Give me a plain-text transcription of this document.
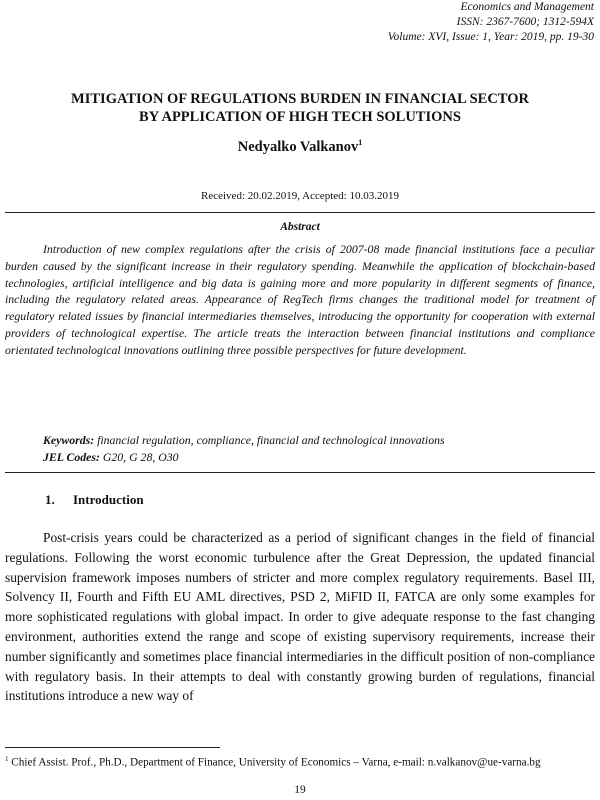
Economics and Management
ISSN: 2367-7600; 1312-594X
Volume: XVI, Issue: 1, Year: 2019, pp. 19-30
MITIGATION OF REGULATIONS BURDEN IN FINANCIAL SECTOR
BY APPLICATION OF HIGH TECH SOLUTIONS
Nedyalko Valkanov$^1$
Received: 20.02.2019, Accepted: 10.03.2019
Abstract

Introduction of new complex regulations after the crisis of 2007-08 made financial institutions face a peculiar burden caused by the significant increase in their regulatory spending. Meanwhile the application of blockchain-based technologies, artificial intelligence and big data is gaining more and more popularity in different segments of finance, including the regulatory related areas. Appearance of RegTech firms changes the traditional model for treatment of regulatory related issues by financial intermediaries themselves, introducing the opportunity for cooperation with external providers of technological expertise. The article treats the interaction between financial institutions and compliance orientated technological innovations outlining three possible perspectives for future development.

Keywords: financial regulation, compliance, financial and technological innovations
JEL Codes: G20, G 28, O30
1. Introduction

Post-crisis years could be characterized as a period of significant changes in the field of financial regulations. Following the worst economic turbulence after the Great Depression, the updated financial supervision framework imposes numbers of stricter and more complex regulatory requirements. Basel III, Solvency II, Fourth and Fifth EU AML directives, PSD 2, MiFID II, FATCA are only some examples for more sophisticated regulations with global impact. In order to give adequate response to the fast changing environment, authorities extend the range and scope of existing supervisory requirements, increase their number significantly and sometimes place financial intermediaries in the difficult position of non-compliance with regulatory basis. In their attempts to deal with constantly growing burden of regulations, financial institutions introduce a new way of

$^1$ Chief Assist. Prof., Ph.D., Department of Finance, University of Economics – Varna, e-mail: n.valkanov@ue-varna.bg

19
